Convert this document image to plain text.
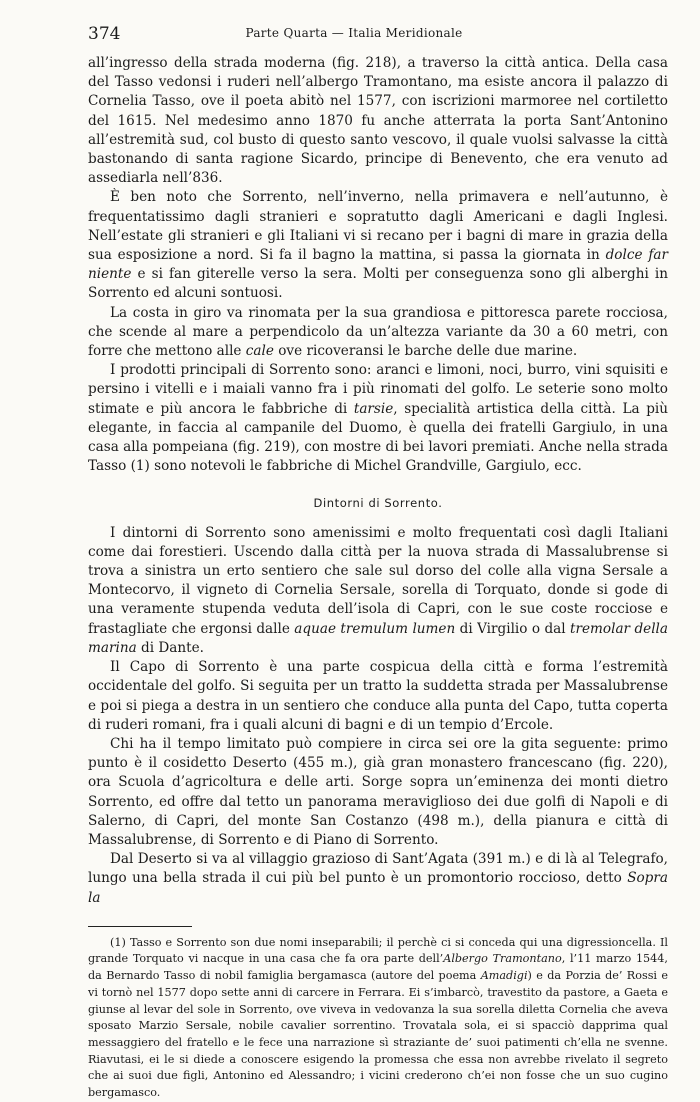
374	Parte Quarta — Italia Meridionale

all’ingresso della strada moderna (fig. 218), a traverso la città antica. Della casa del Tasso vedonsi i ruderi nell’albergo Tramontano, ma esiste ancora il palazzo di Cornelia Tasso, ove il poeta abitò nel 1577, con iscrizioni marmoree nel cortiletto del 1615. Nel medesimo anno 1870 fu anche atterrata la porta Sant’Antonino all’estremità sud, col busto di questo santo vescovo, il quale vuolsi salvasse la città bastonando di santa ragione Sicardo, principe di Benevento, che era venuto ad assediarla nell’836.

È ben noto che Sorrento, nell’inverno, nella primavera e nell’autunno, è frequentatissimo dagli stranieri e sopratutto dagli Americani e dagli Inglesi. Nell’estate gli stranieri e gli Italiani vi si recano per i bagni di mare in grazia della sua esposizione a nord. Si fa il bagno la mattina, si passa la giornata in dolce far niente e si fan giterelle verso la sera. Molti per conseguenza sono gli alberghi in Sorrento ed alcuni sontuosi.

La costa in giro va rinomata per la sua grandiosa e pittoresca parete rocciosa, che scende al mare a perpendicolo da un’altezza variante da 30 a 60 metri, con forre che mettono alle cale ove ricoveransi le barche delle due marine.

I prodotti principali di Sorrento sono: aranci e limoni, noci, burro, vini squisiti e persino i vitelli e i maiali vanno fra i più rinomati del golfo. Le seterie sono molto stimate e più ancora le fabbriche di tarsie, specialità artistica della città. La più elegante, in faccia al campanile del Duomo, è quella dei fratelli Gargiulo, in una casa alla pompeiana (fig. 219), con mostre di bei lavori premiati. Anche nella strada Tasso (1) sono notevoli le fabbriche di Michel Grandville, Gargiulo, ecc.

Dintorni di Sorrento.

I dintorni di Sorrento sono amenissimi e molto frequentati così dagli Italiani come dai forestieri. Uscendo dalla città per la nuova strada di Massalubrense si trova a sinistra un erto sentiero che sale sul dorso del colle alla vigna Sersale a Montecorvo, il vigneto di Cornelia Sersale, sorella di Torquato, donde si gode di una veramente stupenda veduta dell’isola di Capri, con le sue coste rocciose e frastagliate che ergonsi dalle aquae tremulum lumen di Virgilio o dal tremolar della marina di Dante.

Il Capo di Sorrento è una parte cospicua della città e forma l’estremità occidentale del golfo. Si seguita per un tratto la suddetta strada per Massalubrense e poi si piega a destra in un sentiero che conduce alla punta del Capo, tutta coperta di ruderi romani, fra i quali alcuni di bagni e di un tempio d’Ercole.

Chi ha il tempo limitato può compiere in circa sei ore la gita seguente: primo punto è il cosidetto Deserto (455 m.), già gran monastero francescano (fig. 220), ora Scuola d’agricoltura e delle arti. Sorge sopra un’eminenza dei monti dietro Sorrento, ed offre dal tetto un panorama meraviglioso dei due golfi di Napoli e di Salerno, di Capri, del monte San Costanzo (498 m.), della pianura e città di Massalubrense, di Sorrento e di Piano di Sorrento.

Dal Deserto si va al villaggio grazioso di Sant’Agata (391 m.) e di là al Telegrafo, lungo una bella strada il cui più bel punto è un promontorio roccioso, detto Sopra la

(1) Tasso e Sorrento son due nomi inseparabili; il perchè ci si conceda qui una digressioncella. Il grande Torquato vi nacque in una casa che fa ora parte dell’Albergo Tramontano, l’11 marzo 1544, da Bernardo Tasso di nobil famiglia bergamasca (autore del poema Amadigi) e da Porzia de’ Rossi e vi tornò nel 1577 dopo sette anni di carcere in Ferrara. Ei s’imbarcò, travestito da pastore, a Gaeta e giunse al levar del sole in Sorrento, ove viveva in vedovanza la sua sorella diletta Cornelia che aveva sposato Marzio Sersale, nobile cavalier sorrentino. Trovatala sola, ei si spacciò dapprima qual messaggiero del fratello e le fece una narrazione sì straziante de’ suoi patimenti ch’ella ne svenne. Riavutasi, ei le si diede a conoscere esigendo la promessa che essa non avrebbe rivelato il segreto che ai suoi due figli, Antonino ed Alessandro; i vicini crederono ch’ei non fosse che un suo cugino bergamasco.
